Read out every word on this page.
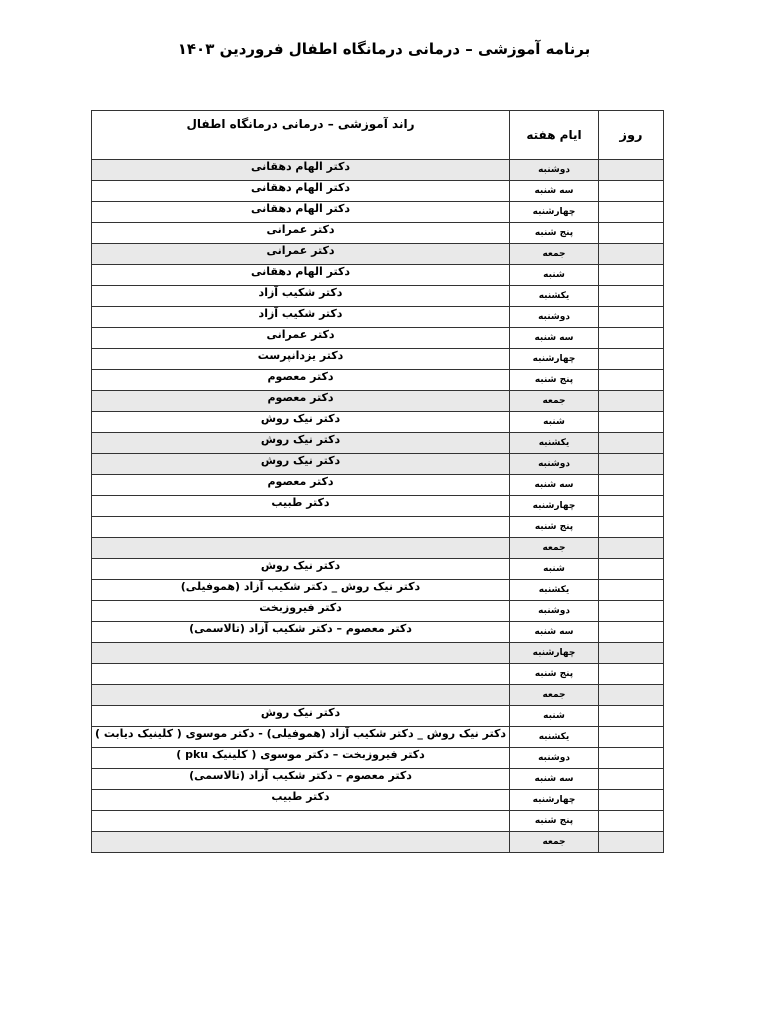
برنامه آموزشی – درمانی درمانگاه اطفال فروردین ۱۴۰۳
روز	ایام هفته	راند آموزشی – درمانی درمانگاه اطفال
	دوشنبه	دکتر الهام دهقانی
	سه شنبه	دکتر الهام دهقانی
	چهارشنبه	دکتر الهام دهقانی
	پنج شنبه	دکتر عمرانی
	جمعه	دکتر عمرانی
	شنبه	دکتر الهام دهقانی
	یکشنبه	دکتر شکیب آزاد
	دوشنبه	دکتر شکیب آزاد
	سه شنبه	دکتر عمرانی
	چهارشنبه	دکتر یزدانپرست
	پنج شنبه	دکتر معصوم
	جمعه	دکتر معصوم
	شنبه	دکتر نیک روش
	یکشنبه	دکتر نیک روش
	دوشنبه	دکتر نیک روش
	سه شنبه	دکتر معصوم
	چهارشنبه	دکتر طبیب
	پنج شنبه	
	جمعه	
	شنبه	دکتر نیک روش
	یکشنبه	دکتر نیک روش _ دکتر شکیب آزاد (هموفیلی)
	دوشنبه	دکتر فیروزبخت
	سه شنبه	دکتر معصوم – دکتر شکیب آزاد (تالاسمی)
	چهارشنبه	
	پنج شنبه	
	جمعه	
	شنبه	دکتر نیک روش
	یکشنبه	دکتر نیک روش _ دکتر شکیب آزاد (هموفیلی) - دکتر موسوی ( کلینیک دیابت )
	دوشنبه	دکتر فیروزبخت – دکتر موسوی ( کلینیک pku )
	سه شنبه	دکتر معصوم – دکتر شکیب آزاد (تالاسمی)
	چهارشنبه	دکتر طبیب
	پنج شنبه	
	جمعه	
